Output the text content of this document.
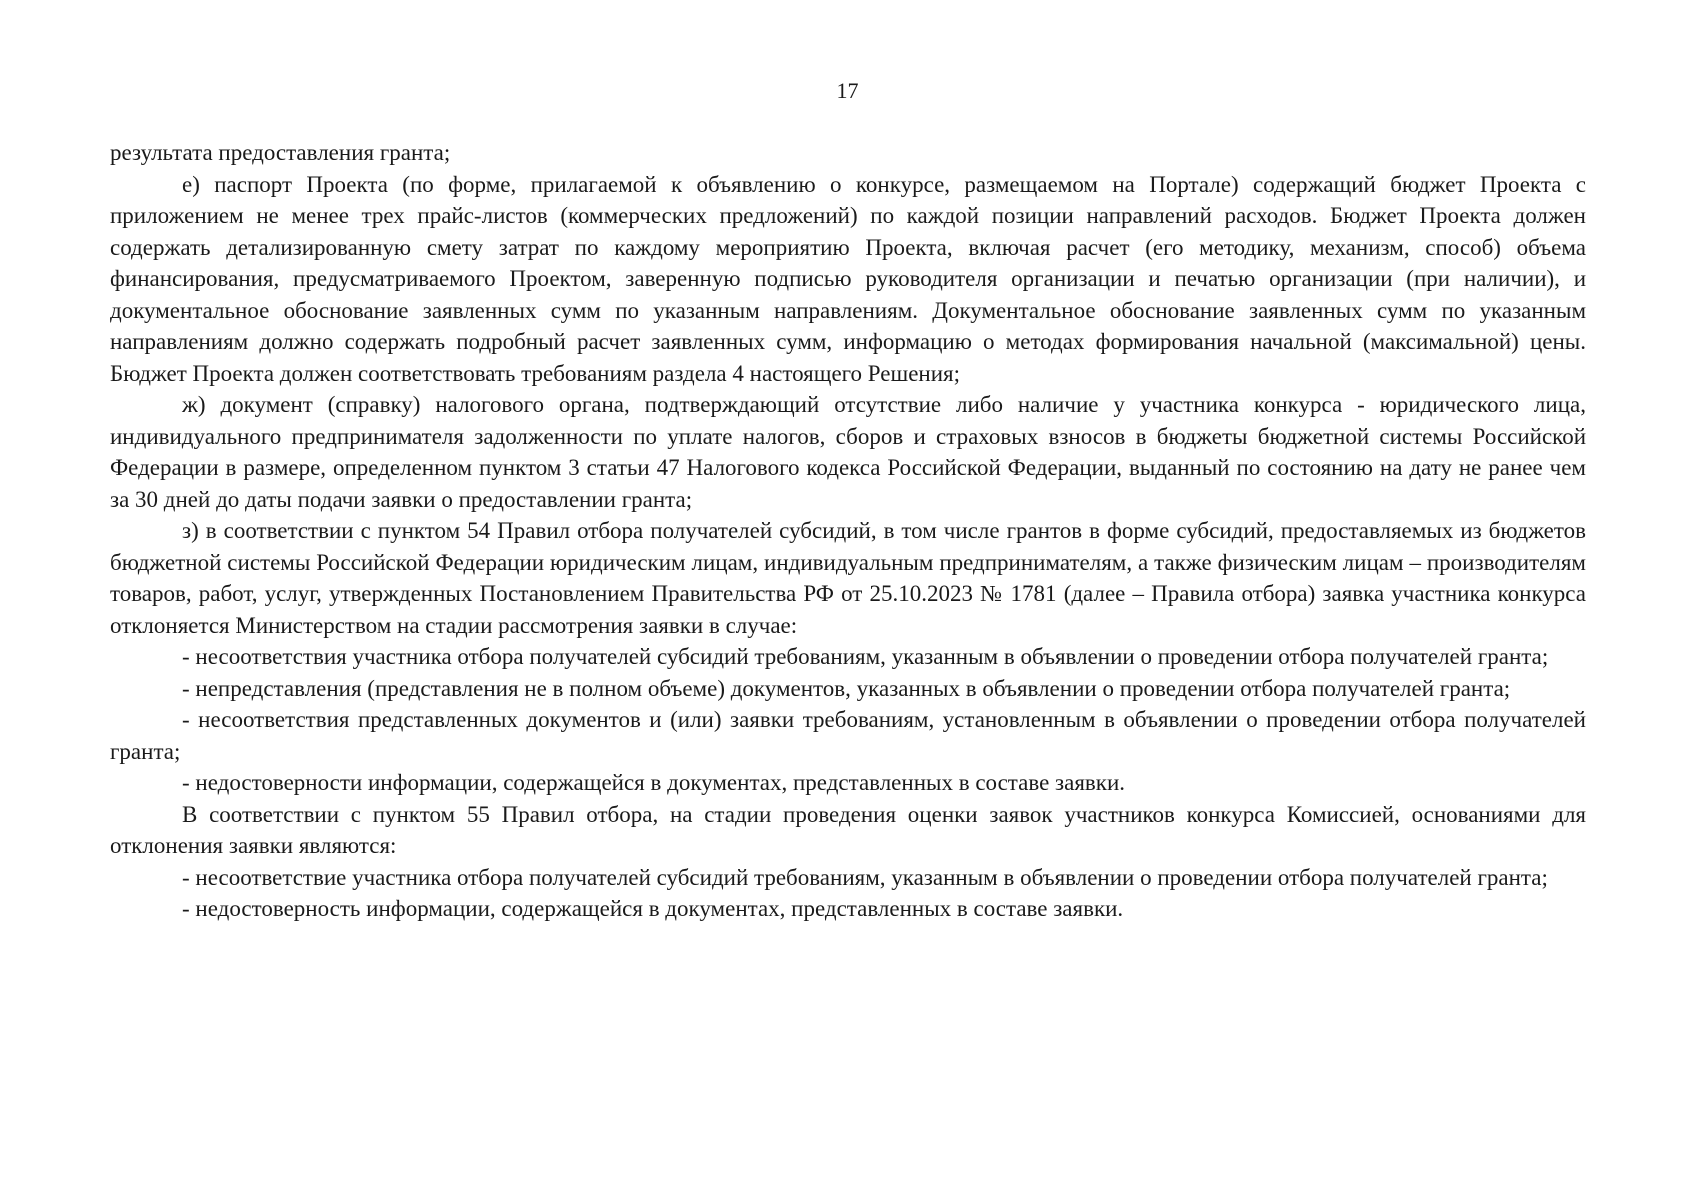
17

результата предоставления гранта;

е) паспорт Проекта (по форме, прилагаемой к объявлению о конкурсе, размещаемом на Портале) содержащий бюджет Проекта с приложением не менее трех прайс-листов (коммерческих предложений) по каждой позиции направлений расходов. Бюджет Проекта должен содержать детализированную смету затрат по каждому мероприятию Проекта, включая расчет (его методику, механизм, способ) объема финансирования, предусматриваемого Проектом, заверенную подписью руководителя организации и печатью организации (при наличии), и документальное обоснование заявленных сумм по указанным направлениям. Документальное обоснование заявленных сумм по указанным направлениям должно содержать подробный расчет заявленных сумм, информацию о методах формирования начальной (максимальной) цены. Бюджет Проекта должен соответствовать требованиям раздела 4 настоящего Решения;

ж) документ (справку) налогового органа, подтверждающий отсутствие либо наличие у участника конкурса - юридического лица, индивидуального предпринимателя задолженности по уплате налогов, сборов и страховых взносов в бюджеты бюджетной системы Российской Федерации в размере, определенном пунктом 3 статьи 47 Налогового кодекса Российской Федерации, выданный по состоянию на дату не ранее чем за 30 дней до даты подачи заявки о предоставлении гранта;

з) в соответствии с пунктом 54 Правил отбора получателей субсидий, в том числе грантов в форме субсидий, предоставляемых из бюджетов бюджетной системы Российской Федерации юридическим лицам, индивидуальным предпринимателям, а также физическим лицам – производителям товаров, работ, услуг, утвержденных Постановлением Правительства РФ от 25.10.2023 № 1781 (далее – Правила отбора) заявка участника конкурса отклоняется Министерством на стадии рассмотрения заявки в случае:

- несоответствия участника отбора получателей субсидий требованиям, указанным в объявлении о проведении отбора получателей гранта;

- непредставления (представления не в полном объеме) документов, указанных в объявлении о проведении отбора получателей гранта;

- несоответствия представленных документов и (или) заявки требованиям, установленным в объявлении о проведении отбора получателей гранта;

- недостоверности информации, содержащейся в документах, представленных в составе заявки.

В соответствии с пунктом 55 Правил отбора, на стадии проведения оценки заявок участников конкурса Комиссией, основаниями для отклонения заявки являются:

- несоответствие участника отбора получателей субсидий требованиям, указанным в объявлении о проведении отбора получателей гранта;

- недостоверность информации, содержащейся в документах, представленных в составе заявки.
